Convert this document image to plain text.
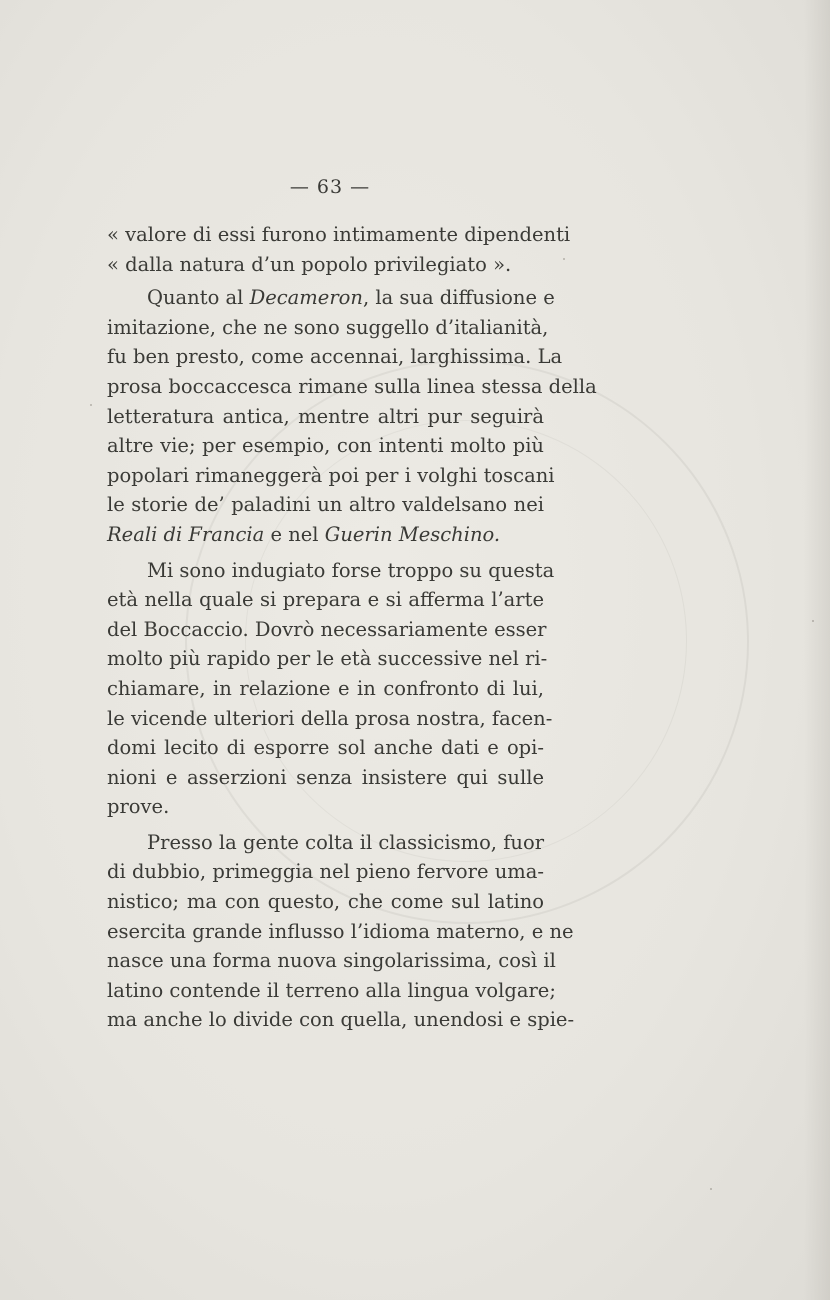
— 63 —
« valore di essi furono intimamente dipendenti
« dalla natura d’un popolo privilegiato ».
Quanto al Decameron, la sua diffusione e
imitazione, che ne sono suggello d’italianità,
fu ben presto, come accennai, larghissima. La
prosa boccaccesca rimane sulla linea stessa della
letteratura antica, mentre altri pur seguirà
altre vie; per esempio, con intenti molto più
popolari rimaneggerà poi per i volghi toscani
le storie de’ paladini un altro valdelsano nei
Reali di Francia e nel Guerin Meschino.
Mi sono indugiato forse troppo su questa
età nella quale si prepara e si afferma l’arte
del Boccaccio. Dovrò necessariamente esser
molto più rapido per le età successive nel ri-
chiamare, in relazione e in confronto di lui,
le vicende ulteriori della prosa nostra, facen-
domi lecito di esporre sol anche dati e opi-
nioni e asserzioni senza insistere qui sulle
prove.
Presso la gente colta il classicismo, fuor
di dubbio, primeggia nel pieno fervore uma-
nistico; ma con questo, che come sul latino
esercita grande influsso l’idioma materno, e ne
nasce una forma nuova singolarissima, così il
latino contende il terreno alla lingua volgare;
ma anche lo divide con quella, unendosi e spie-
